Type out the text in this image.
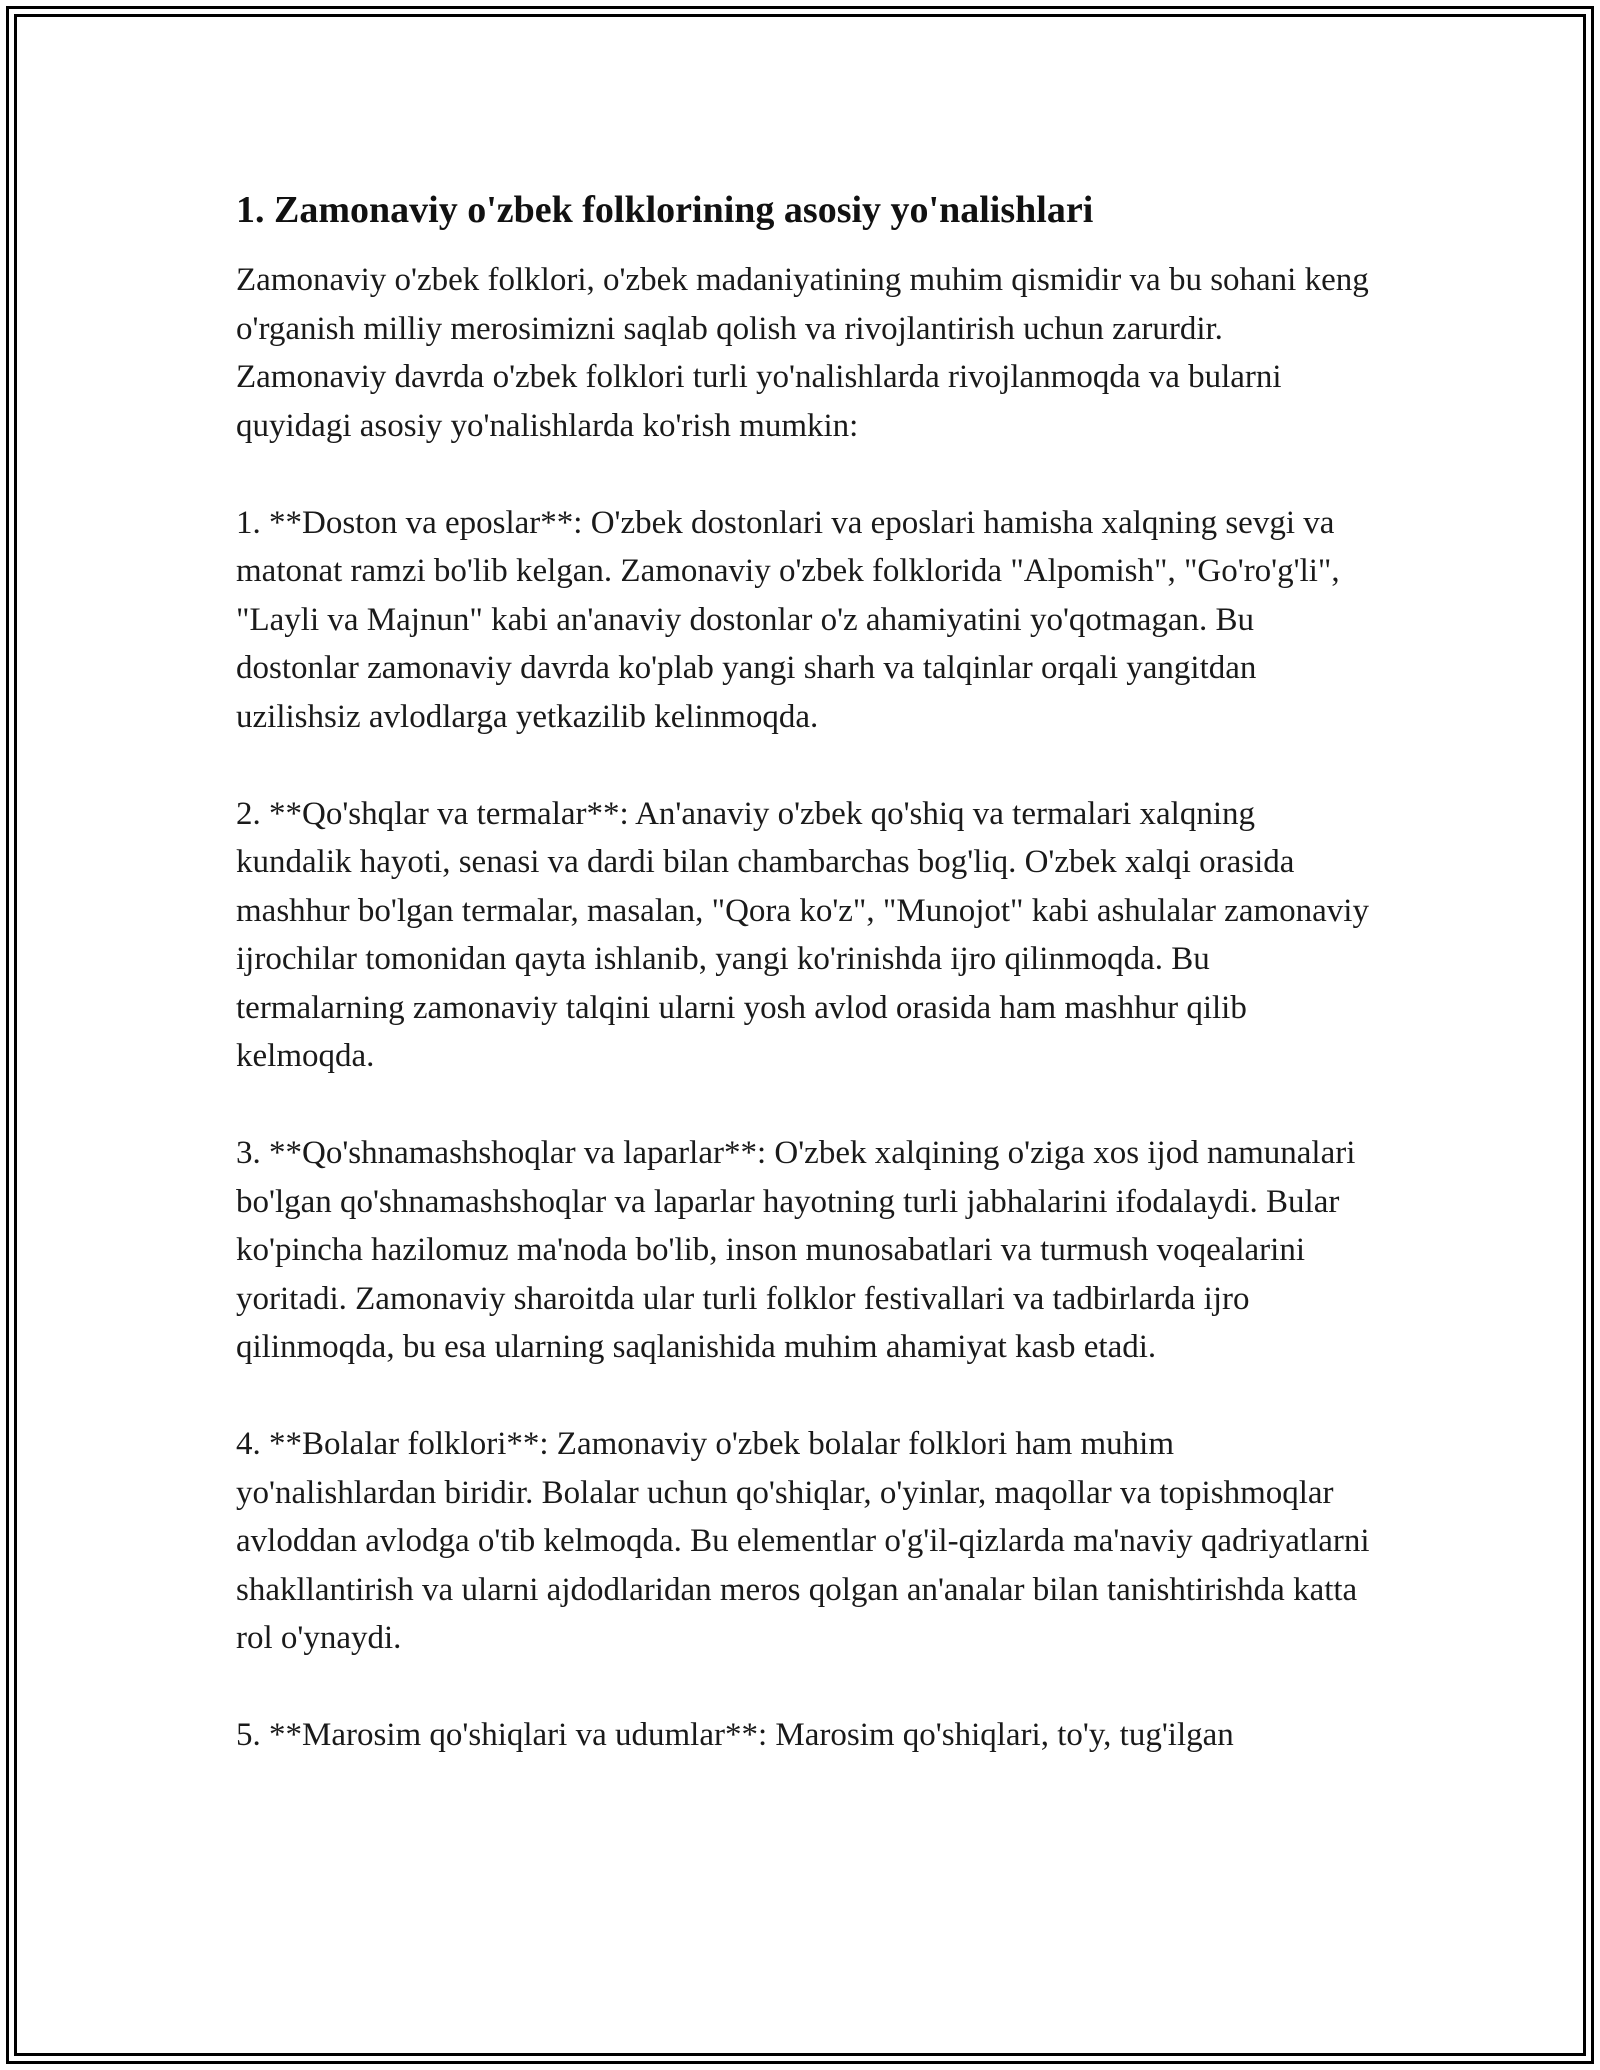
1. Zamonaviy o'zbek folklorining asosiy yo'nalishlari

Zamonaviy o'zbek folklori, o'zbek madaniyatining muhim qismidir va bu sohani keng o'rganish milliy merosimizni saqlab qolish va rivojlantirish uchun zarurdir. Zamonaviy davrda o'zbek folklori turli yo'nalishlarda rivojlanmoqda va bularni quyidagi asosiy yo'nalishlarda ko'rish mumkin:

1. **Doston va eposlar**: O'zbek dostonlari va eposlari hamisha xalqning sevgi va matonat ramzi bo'lib kelgan. Zamonaviy o'zbek folklorida "Alpomish", "Go'ro'g'li", "Layli va Majnun" kabi an'anaviy dostonlar o'z ahamiyatini yo'qotmagan. Bu dostonlar zamonaviy davrda ko'plab yangi sharh va talqinlar orqali yangitdan uzilishsiz avlodlarga yetkazilib kelinmoqda.

2. **Qo'shqlar va termalar**: An'anaviy o'zbek qo'shiq va termalari xalqning kundalik hayoti, senasi va dardi bilan chambarchas bog'liq. O'zbek xalqi orasida mashhur bo'lgan termalar, masalan, "Qora ko'z", "Munojot" kabi ashulalar zamonaviy ijrochilar tomonidan qayta ishlanib, yangi ko'rinishda ijro qilinmoqda. Bu termalarning zamonaviy talqini ularni yosh avlod orasida ham mashhur qilib kelmoqda.

3. **Qo'shnamashshoqlar va laparlar**: O'zbek xalqining o'ziga xos ijod namunalari bo'lgan qo'shnamashshoqlar va laparlar hayotning turli jabhalarini ifodalaydi. Bular ko'pincha hazilomuz ma'noda bo'lib, inson munosabatlari va turmush voqealarini yoritadi. Zamonaviy sharoitda ular turli folklor festivallari va tadbirlarda ijro qilinmoqda, bu esa ularning saqlanishida muhim ahamiyat kasb etadi.

4. **Bolalar folklori**: Zamonaviy o'zbek bolalar folklori ham muhim yo'nalishlardan biridir. Bolalar uchun qo'shiqlar, o'yinlar, maqollar va topishmoqlar avloddan avlodga o'tib kelmoqda. Bu elementlar o'g'il-qizlarda ma'naviy qadriyatlarni shakllantirish va ularni ajdodlaridan meros qolgan an'analar bilan tanishtirishda katta rol o'ynaydi.

5. **Marosim qo'shiqlari va udumlar**: Marosim qo'shiqlari, to'y, tug'ilgan
